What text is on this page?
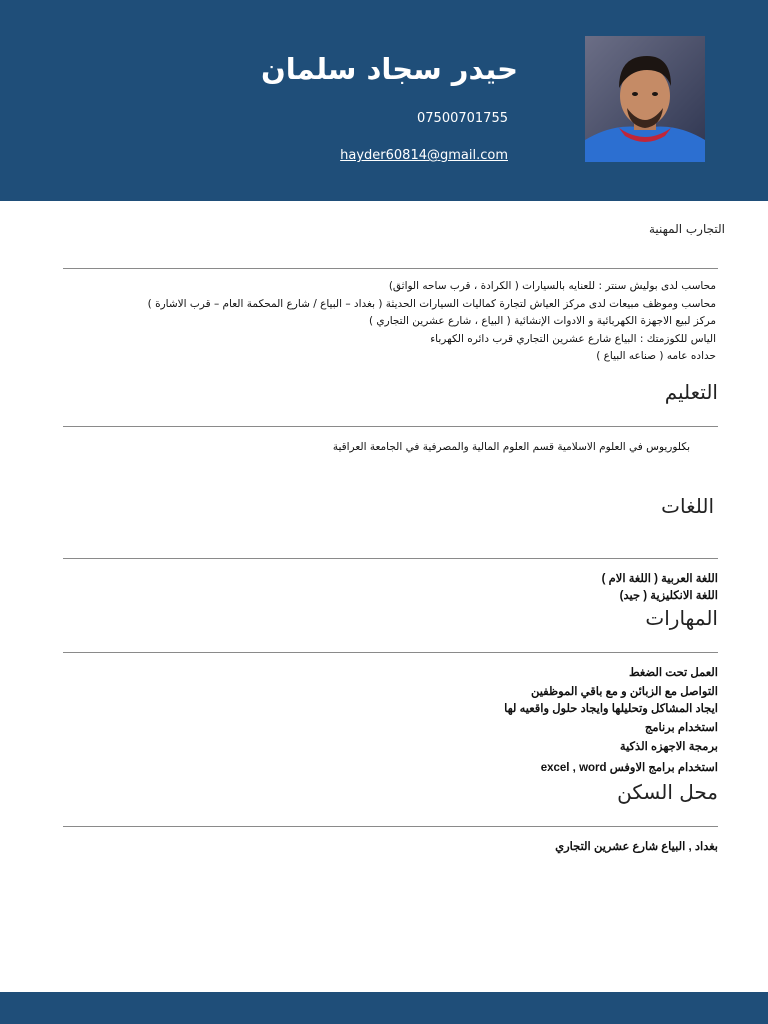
حيدر سجاد سلمان
07500701755
hayder60814@gmail.com
التجارب المهنية
محاسب لدى بوليش سنتر : للعنايه بالسيارات ( الكرادة ، قرب ساحه الواثق)
محاسب وموظف مبيعات لدى مركز العياش لتجارة كماليات السيارات الحديثة ( بغداد – البياع / شارع المحكمة العام – قرب الاشارة )
مركز لبيع الاجهزة الكهربائية و الادوات الإنشائية ( البياع ، شارع عشرين التجاري )
الياس للكوزمتك : البياع شارع عشرين التجاري قرب دائره الكهرباء
حداده عامه ( صناعه البياع )
التعليم
بكلوريوس في العلوم الاسلامية قسم العلوم المالية والمصرفية في الجامعة العراقية
اللغات
اللغة العربية ( اللغة الام )
اللغة الانكليزية ( جيد)
المهارات
العمل تحت الضغط
التواصل مع الزبائن و مع باقي الموظفين
ايجاد المشاكل وتحليلها وايجاد حلول واقعيه لها
استخدام برنامج
برمجة الاجهزه الذكية
استخدام برامج الاوفس excel , word
محل السكن
بغداد , البياع شارع عشرين التجاري
